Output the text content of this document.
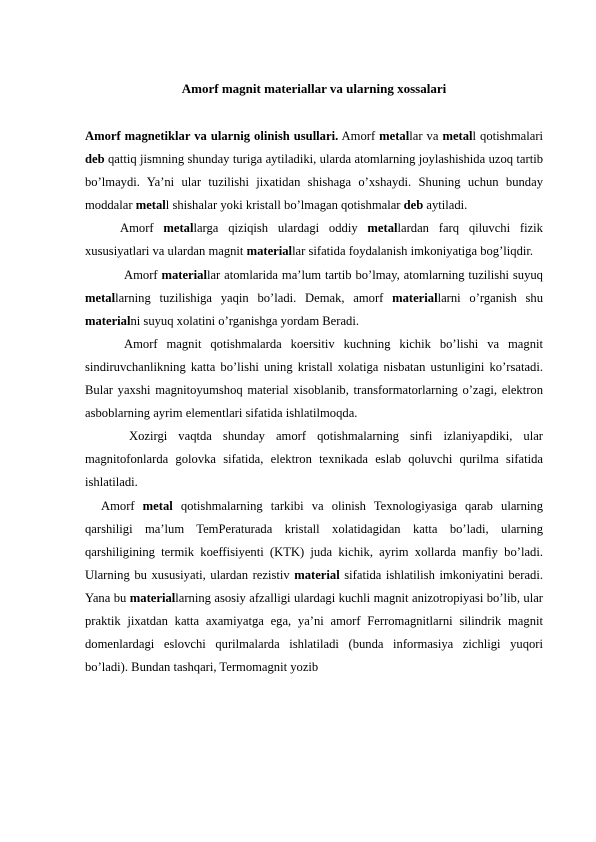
Amorf magnit materiallar va ularning xossalari

Amorf magnetiklar va ularnig olinish usullari. Amorf metallar va metall qotishmalari deb qattiq jismning shunday turiga aytiladiki, ularda atomlarning joylashishida uzoq tartib bo’lmaydi. Ya’ni ular tuzilishi jixatidan shishaga o’xshaydi. Shuning uchun bunday moddalar metall shishalar yoki kristall bo’lmagan qotishmalar deb aytiladi.

Amorf metallarga qiziqish ulardagi oddiy metallardan farq qiluvchi fizik xususiyatlari va ulardan magnit materiallar sifatida foydalanish imkoniyatiga bog’liqdir.

Amorf materiallar atomlarida ma’lum tartib bo’lmay, atomlarning tuzilishi suyuq metallarning tuzilishiga yaqin bo’ladi. Demak, amorf materiallarni o’rganish shu materialni suyuq xolatini o’rganishga yordam Beradi.

Amorf magnit qotishmalarda koersitiv kuchning kichik bo’lishi va magnit sindiruvchanlikning katta bo’lishi uning kristall xolatiga nisbatan ustunligini ko’rsatadi. Bular yaxshi magnitoyumshoq material xisoblanib, transformatorlarning o’zagi, elektron asboblarning ayrim elementlari sifatida ishlatilmoqda.

Xozirgi vaqtda shunday amorf qotishmalarning sinfi izlaniyapdiki, ular magnitofonlarda golovka sifatida, elektron texnikada eslab qoluvchi qurilma sifatida ishlatiladi.

Amorf metal qotishmalarning tarkibi va olinish Texnologiyasiga qarab ularning qarshiligi ma’lum TemPeraturada kristall xolatidagidan katta bo’ladi, ularning qarshiligining termik koeffisiyenti (KTK) juda kichik, ayrim xollarda manfiy bo’ladi. Ularning bu xususiyati, ulardan rezistiv material sifatida ishlatilish imkoniyatini beradi. Yana bu materiallarning asosiy afzalligi ulardagi kuchli magnit anizotropiyasi bo’lib, ular praktik jixatdan katta axamiyatga ega, ya’ni amorf Ferromagnitlarni silindrik magnit domenlardagi eslovchi qurilmalarda ishlatiladi (bunda informasiya zichligi yuqori bo’ladi). Bundan tashqari, Termomagnit yozib
